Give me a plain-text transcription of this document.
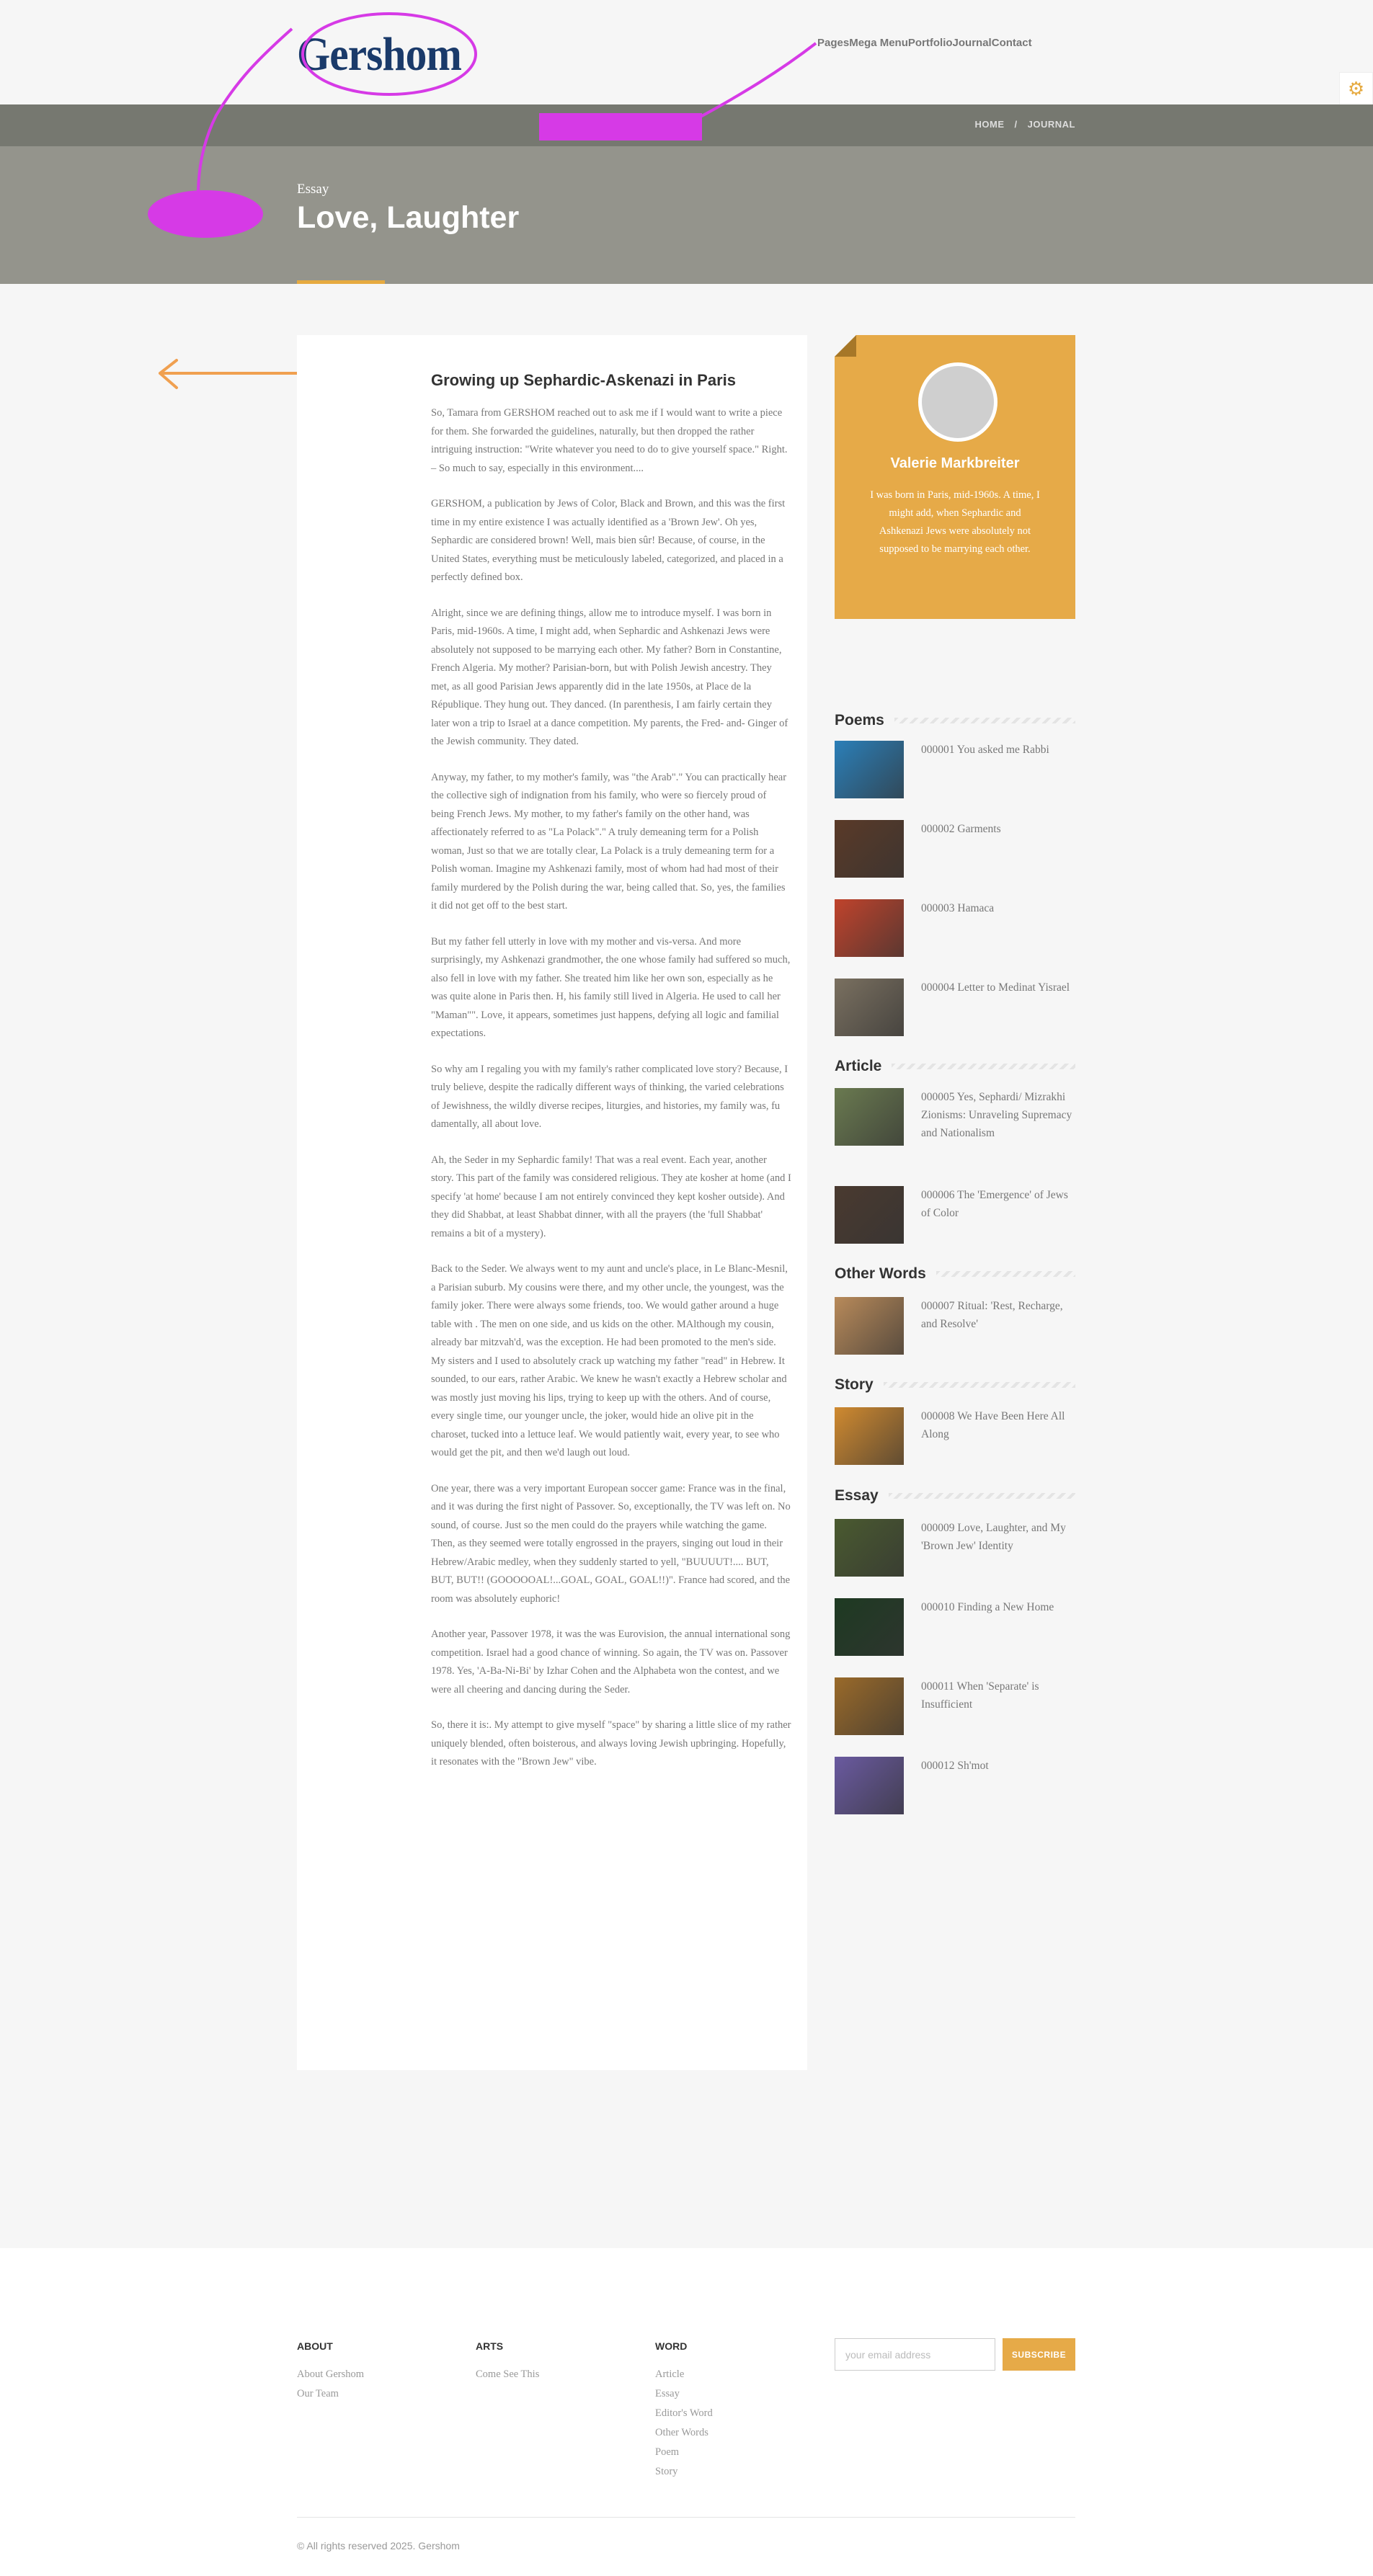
Gershom	Pages Mega Menu Portfolio Journal Contact
⚙
HOME / JOURNAL
Essay
Love, Laughter
Growing up Sephardic-Askenazi in Paris

So, Tamara from GERSHOM reached out to ask me if I would want to write a piece for them. She forwarded the guidelines, naturally, but then dropped the rather intriguing instruction: "Write whatever you need to do to give yourself space." Right. – So much to say, especially in this environment....

GERSHOM, a publication by Jews of Color, Black and Brown, and this was the first time in my entire existence I was actually identified as a 'Brown Jew'. Oh yes, Sephardic are considered brown! Well, mais bien sûr! Because, of course, in the United States, everything must be meticulously labeled, categorized, and placed in a perfectly defined box.

Alright, since we are defining things, allow me to introduce myself. I was born in Paris, mid-1960s. A time, I might add, when Sephardic and Ashkenazi Jews were absolutely not supposed to be marrying each other. My father? Born in Constantine, French Algeria. My mother? Parisian-born, but with Polish Jewish ancestry. They met, as all good Parisian Jews apparently did in the late 1950s, at Place de la République. They hung out. They danced. (In parenthesis, I am fairly certain they later won a trip to Israel at a dance competition. My parents, the Fred- and- Ginger of the Jewish community. They dated.

Anyway, my father, to my mother's family, was "the Arab"." You can practically hear the collective sigh of indignation from his family, who were so fiercely proud of being French Jews. My mother, to my father's family on the other hand, was affectionately referred to as "La Polack"." A truly demeaning term for a Polish woman, Just so that we are totally clear, La Polack is a truly demeaning term for a Polish woman. Imagine my Ashkenazi family, most of whom had had most of their family murdered by the Polish during the war, being called that. So, yes, the families it did not get off to the best start.

But my father fell utterly in love with my mother and vis-versa. And more surprisingly, my Ashkenazi grandmother, the one whose family had suffered so much, also fell in love with my father. She treated him like her own son, especially as he was quite alone in Paris then. H, his family still lived in Algeria. He used to call her "Maman"". Love, it appears, sometimes just happens, defying all logic and familial expectations.

So why am I regaling you with my family's rather complicated love story? Because, I truly believe, despite the radically different ways of thinking, the varied celebrations of Jewishness, the wildly diverse recipes, liturgies, and histories, my family was, fu damentally, all about love.

Ah, the Seder in my Sephardic family! That was a real event. Each year, another story. This part of the family was considered religious. They ate kosher at home (and I specify 'at home' because I am not entirely convinced they kept kosher outside). And they did Shabbat, at least Shabbat dinner, with all the prayers (the 'full Shabbat' remains a bit of a mystery).

Back to the Seder. We always went to my aunt and uncle's place, in Le Blanc-Mesnil, a Parisian suburb. My cousins were there, and my other uncle, the youngest, was the family joker. There were always some friends, too. We would gather around a huge table with . The men on one side, and us kids on the other. MAlthough my cousin, already bar mitzvah'd, was the exception. He had been promoted to the men's side. My sisters and I used to absolutely crack up watching my father "read" in Hebrew. It sounded, to our ears, rather Arabic. We knew he wasn't exactly a Hebrew scholar and was mostly just moving his lips, trying to keep up with the others. And of course, every single time, our younger uncle, the joker, would hide an olive pit in the charoset, tucked into a lettuce leaf. We would patiently wait, every year, to see who would get the pit, and then we'd laugh out loud.

One year, there was a very important European soccer game: France was in the final, and it was during the first night of Passover. So, exceptionally, the TV was left on. No sound, of course. Just so the men could do the prayers while watching the game. Then, as they seemed were totally engrossed in the prayers, singing out loud in their Hebrew/Arabic medley, when they suddenly started to yell, "BUUUUT!.... BUT, BUT, BUT!! (GOOOOOAL!...GOAL, GOAL, GOAL!!)". France had scored, and the room was absolutely euphoric!

Another year, Passover 1978, it was the was Eurovision, the annual international song competition. Israel had a good chance of winning. So again, the TV was on. Passover 1978. Yes, 'A-Ba-Ni-Bi' by Izhar Cohen and the Alphabeta won the contest, and we were all cheering and dancing during the Seder.

So, there it is:. My attempt to give myself "space" by sharing a little slice of my rather uniquely blended, often boisterous, and always loving Jewish upbringing. Hopefully, it resonates with the "Brown Jew" vibe.

Valerie Markbreiter
I was born in Paris, mid-1960s. A time, I might add, when Sephardic and Ashkenazi Jews were absolutely not supposed to be marrying each other.
Poems
000001 You asked me Rabbi
000002 Garments
000003 Hamaca
000004 Letter to Medinat Yisrael
Article
000005 Yes, Sephardi/ Mizrakhi Zionisms: Unraveling Supremacy and Nationalism
000006 The 'Emergence' of Jews of Color
Other Words
000007 Ritual: 'Rest, Recharge, and Resolve'
Story
000008 We Have Been Here All Along
Essay
000009 Love, Laughter, and My 'Brown Jew' Identity
000010 Finding a New Home
000011 When 'Separate' is Insufficient
000012 Sh'mot
ABOUT
About Gershom
Our Team
ARTS
Come See This
WORD
Article
Essay
Editor's Word
Other Words
Poem
Story
your email address
SUBSCRIBE
© All rights reserved 2025. Gershom
